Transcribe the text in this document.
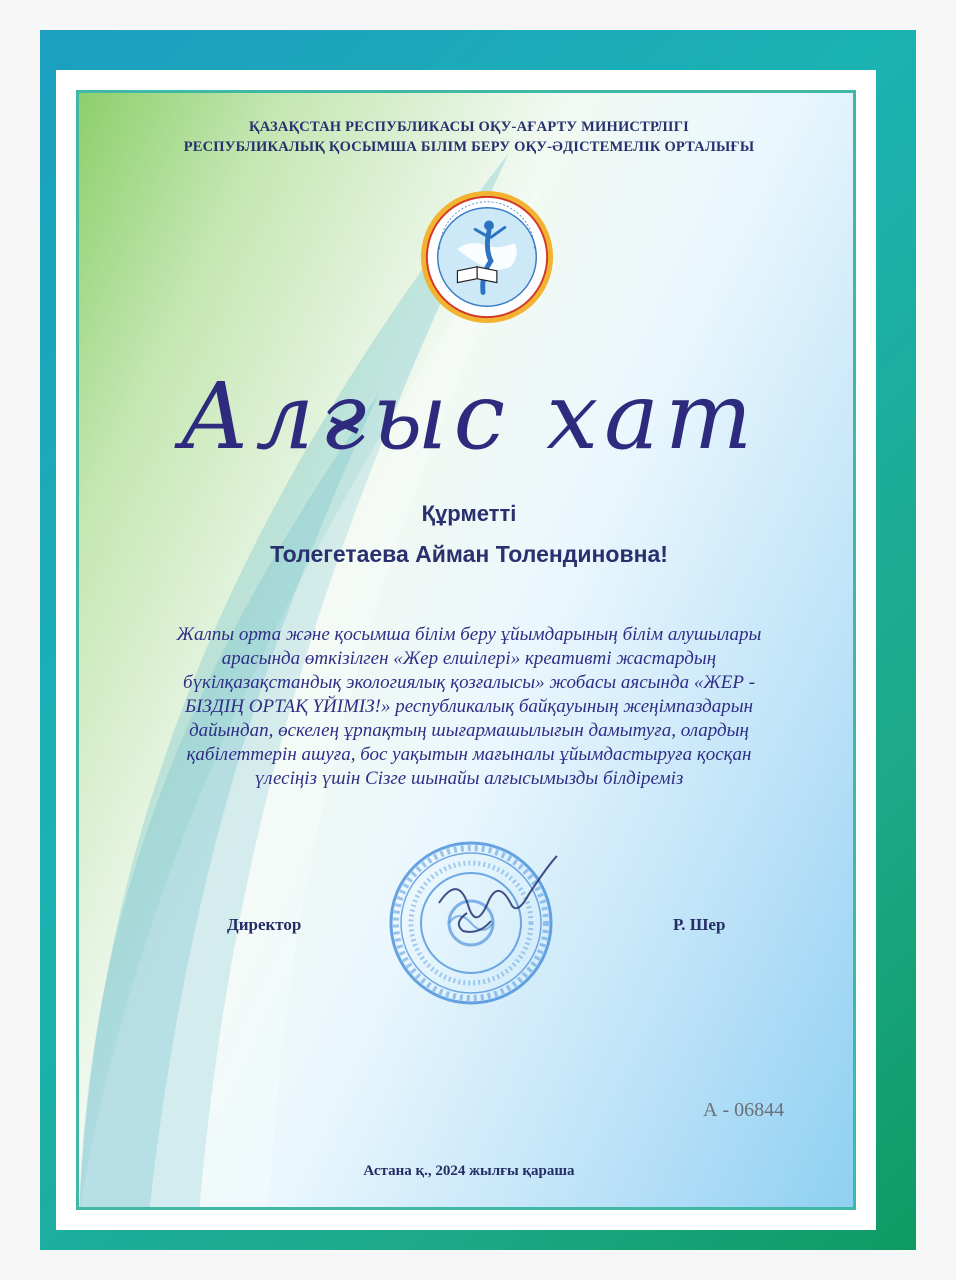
ҚАЗАҚСТАН РЕСПУБЛИКАСЫ ОҚУ-АҒАРТУ МИНИСТРЛІГІ
РЕСПУБЛИКАЛЫҚ ҚОСЫМША БІЛІМ БЕРУ ОҚУ-ӘДІСТЕМЕЛІК ОРТАЛЫҒЫ
Алғыс хат
Құрметті
Толегетаева Айман Толендиновна!
Жалпы орта және қосымша білім беру ұйымдарының білім алушылары
арасында өткізілген «Жер елшілері» креативті жастардың
бүкілқазақстандық экологиялық қозғалысы» жобасы аясында «ЖЕР -
БІЗДІҢ ОРТАҚ ҮЙІМІЗ!» республикалық байқауының жеңімпаздарын
дайындап, өскелең ұрпақтың шығармашылығын дамытуға, олардың
қабілеттерін ашуға, бос уақытын мағыналы ұйымдастыруға қосқан
үлесіңіз үшін Сізге шынайы алғысымызды білдіреміз
Директор	Р. Шер
А - 06844
Астана қ., 2024 жылғы қараша
